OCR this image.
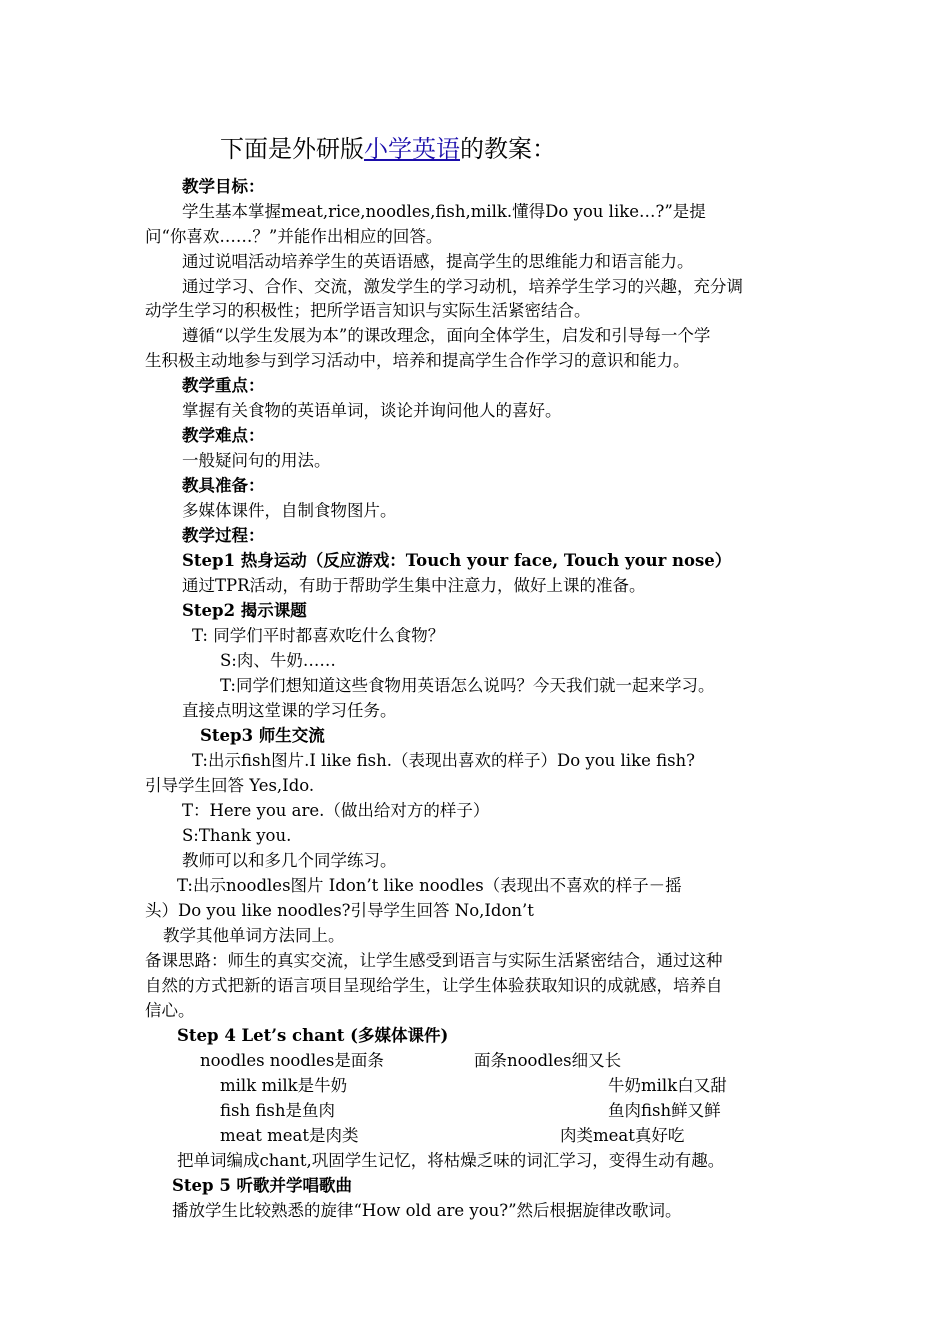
下面是外研版小学英语的教案：
教学目标：
学生基本掌握meat,rice,noodles,fish,milk.懂得Do you like…?”是提
问“你喜欢……？”并能作出相应的回答。
通过说唱活动培养学生的英语语感，提高学生的思维能力和语言能力。
通过学习、合作、交流，激发学生的学习动机，培养学生学习的兴趣，充分调
动学生学习的积极性；把所学语言知识与实际生活紧密结合。
遵循“以学生发展为本”的课改理念，面向全体学生，启发和引导每一个学
生积极主动地参与到学习活动中，培养和提高学生合作学习的意识和能力。
教学重点：
掌握有关食物的英语单词，谈论并询问他人的喜好。
教学难点：
一般疑问句的用法。
教具准备：
多媒体课件，自制食物图片。
教学过程：
Step1 热身运动（反应游戏：Touch your face, Touch your nose）
通过TPR活动，有助于帮助学生集中注意力，做好上课的准备。
Step2 揭示课题
T: 同学们平时都喜欢吃什么食物？
S:肉、牛奶……
T:同学们想知道这些食物用英语怎么说吗？今天我们就一起来学习。
直接点明这堂课的学习任务。
Step3 师生交流
T:出示fish图片.I like fish.（表现出喜欢的样子）Do you like fish?
引导学生回答 Yes,Ido.
T：Here you are.（做出给对方的样子）
S:Thank you.
教师可以和多几个同学练习。
T:出示noodles图片 Idon’t like noodles（表现出不喜欢的样子－摇
头）Do you like noodles?引导学生回答 No,Idon’t
教学其他单词方法同上。
备课思路：师生的真实交流，让学生感受到语言与实际生活紧密结合，通过这种
自然的方式把新的语言项目呈现给学生，让学生体验获取知识的成就感，培养自
信心。
Step 4 Let’s chant (多媒体课件)
noodles noodles是面条	面条noodles细又长
milk milk是牛奶	牛奶milk白又甜
fish fish是鱼肉	鱼肉fish鲜又鲜
meat meat是肉类	肉类meat真好吃
把单词编成chant,巩固学生记忆，将枯燥乏味的词汇学习，变得生动有趣。
Step 5 听歌并学唱歌曲
播放学生比较熟悉的旋律“How old are you?”然后根据旋律改歌词。
